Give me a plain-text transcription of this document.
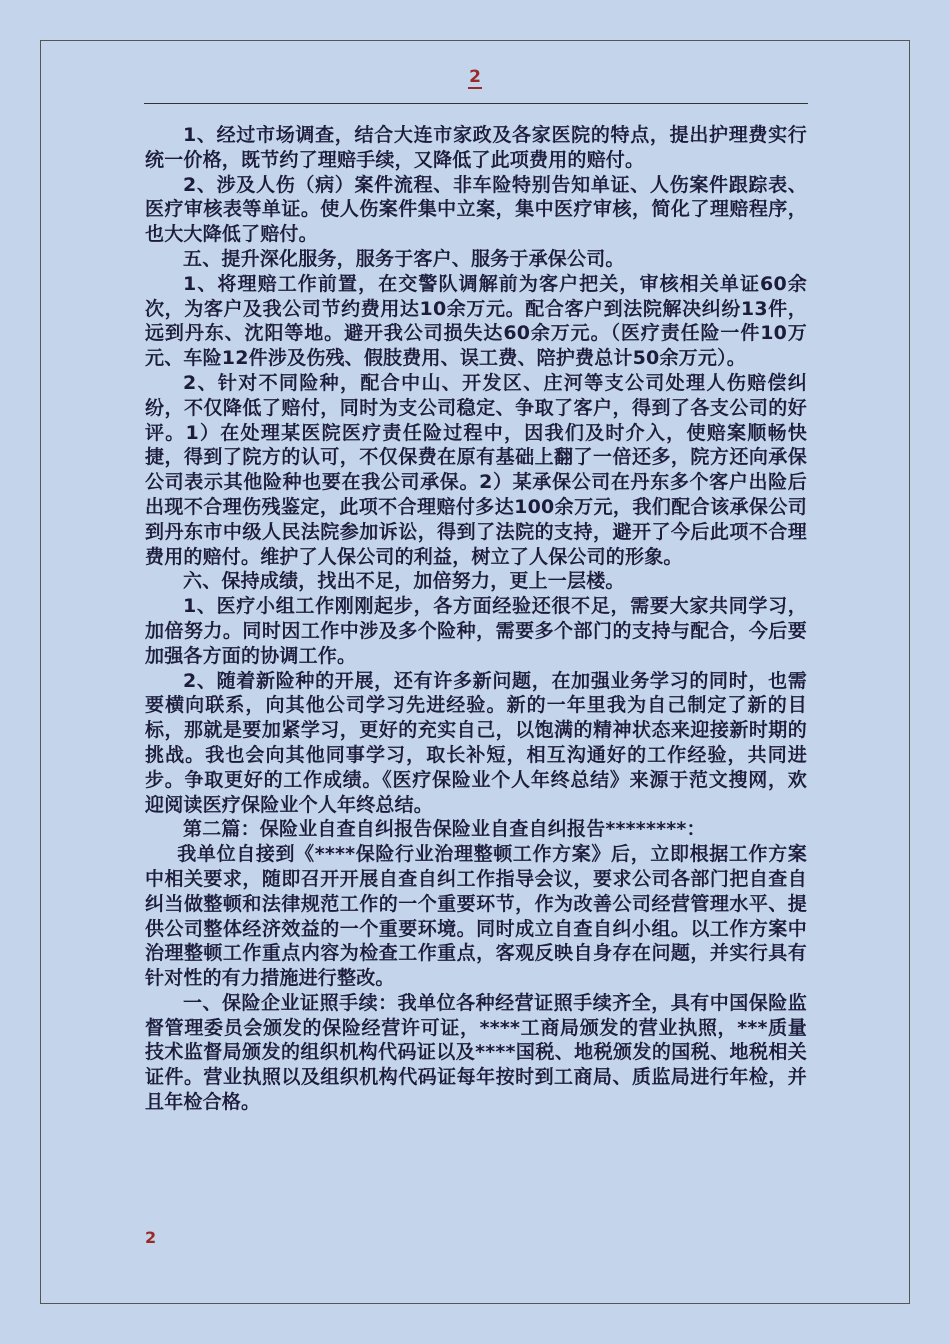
2

1、经过市场调查，结合大连市家政及各家医院的特点，提出护理费实行统一价格，既节约了理赔手续，又降低了此项费用的赔付。

2、涉及人伤（病）案件流程、非车险特别告知单证、人伤案件跟踪表、医疗审核表等单证。使人伤案件集中立案，集中医疗审核，简化了理赔程序，也大大降低了赔付。

五、提升深化服务，服务于客户、服务于承保公司。

1、将理赔工作前置，在交警队调解前为客户把关，审核相关单证60余次，为客户及我公司节约费用达10余万元。配合客户到法院解决纠纷13件，远到丹东、沈阳等地。避开我公司损失达60余万元。（医疗责任险一件10万元、车险12件涉及伤残、假肢费用、误工费、陪护费总计50余万元）。

2、针对不同险种，配合中山、开发区、庄河等支公司处理人伤赔偿纠纷，不仅降低了赔付，同时为支公司稳定、争取了客户，得到了各支公司的好评。1）在处理某医院医疗责任险过程中，因我们及时介入，使赔案顺畅快捷，得到了院方的认可，不仅保费在原有基础上翻了一倍还多，院方还向承保公司表示其他险种也要在我公司承保。2）某承保公司在丹东多个客户出险后出现不合理伤残鉴定，此项不合理赔付多达100余万元，我们配合该承保公司到丹东市中级人民法院参加诉讼，得到了法院的支持，避开了今后此项不合理费用的赔付。维护了人保公司的利益，树立了人保公司的形象。

六、保持成绩，找出不足，加倍努力，更上一层楼。

1、医疗小组工作刚刚起步，各方面经验还很不足，需要大家共同学习，加倍努力。同时因工作中涉及多个险种，需要多个部门的支持与配合，今后要加强各方面的协调工作。

2、随着新险种的开展，还有许多新问题，在加强业务学习的同时，也需要横向联系，向其他公司学习先进经验。新的一年里我为自己制定了新的目标，那就是要加紧学习，更好的充实自己，以饱满的精神状态来迎接新时期的挑战。我也会向其他同事学习，取长补短，相互沟通好的工作经验，共同进步。争取更好的工作成绩。《医疗保险业个人年终总结》来源于范文搜网，欢迎阅读医疗保险业个人年终总结。

第二篇：保险业自查自纠报告保险业自查自纠报告********：

我单位自接到《****保险行业治理整顿工作方案》后，立即根据工作方案中相关要求，随即召开开展自查自纠工作指导会议，要求公司各部门把自查自纠当做整顿和法律规范工作的一个重要环节，作为改善公司经营管理水平、提供公司整体经济效益的一个重要环境。同时成立自查自纠小组。以工作方案中治理整顿工作重点内容为检查工作重点，客观反映自身存在问题，并实行具有针对性的有力措施进行整改。

一、保险企业证照手续：我单位各种经营证照手续齐全，具有中国保险监督管理委员会颁发的保险经营许可证，****工商局颁发的营业执照，***质量技术监督局颁发的组织机构代码证以及****国税、地税颁发的国税、地税相关证件。营业执照以及组织机构代码证每年按时到工商局、质监局进行年检，并且年检合格。

2
